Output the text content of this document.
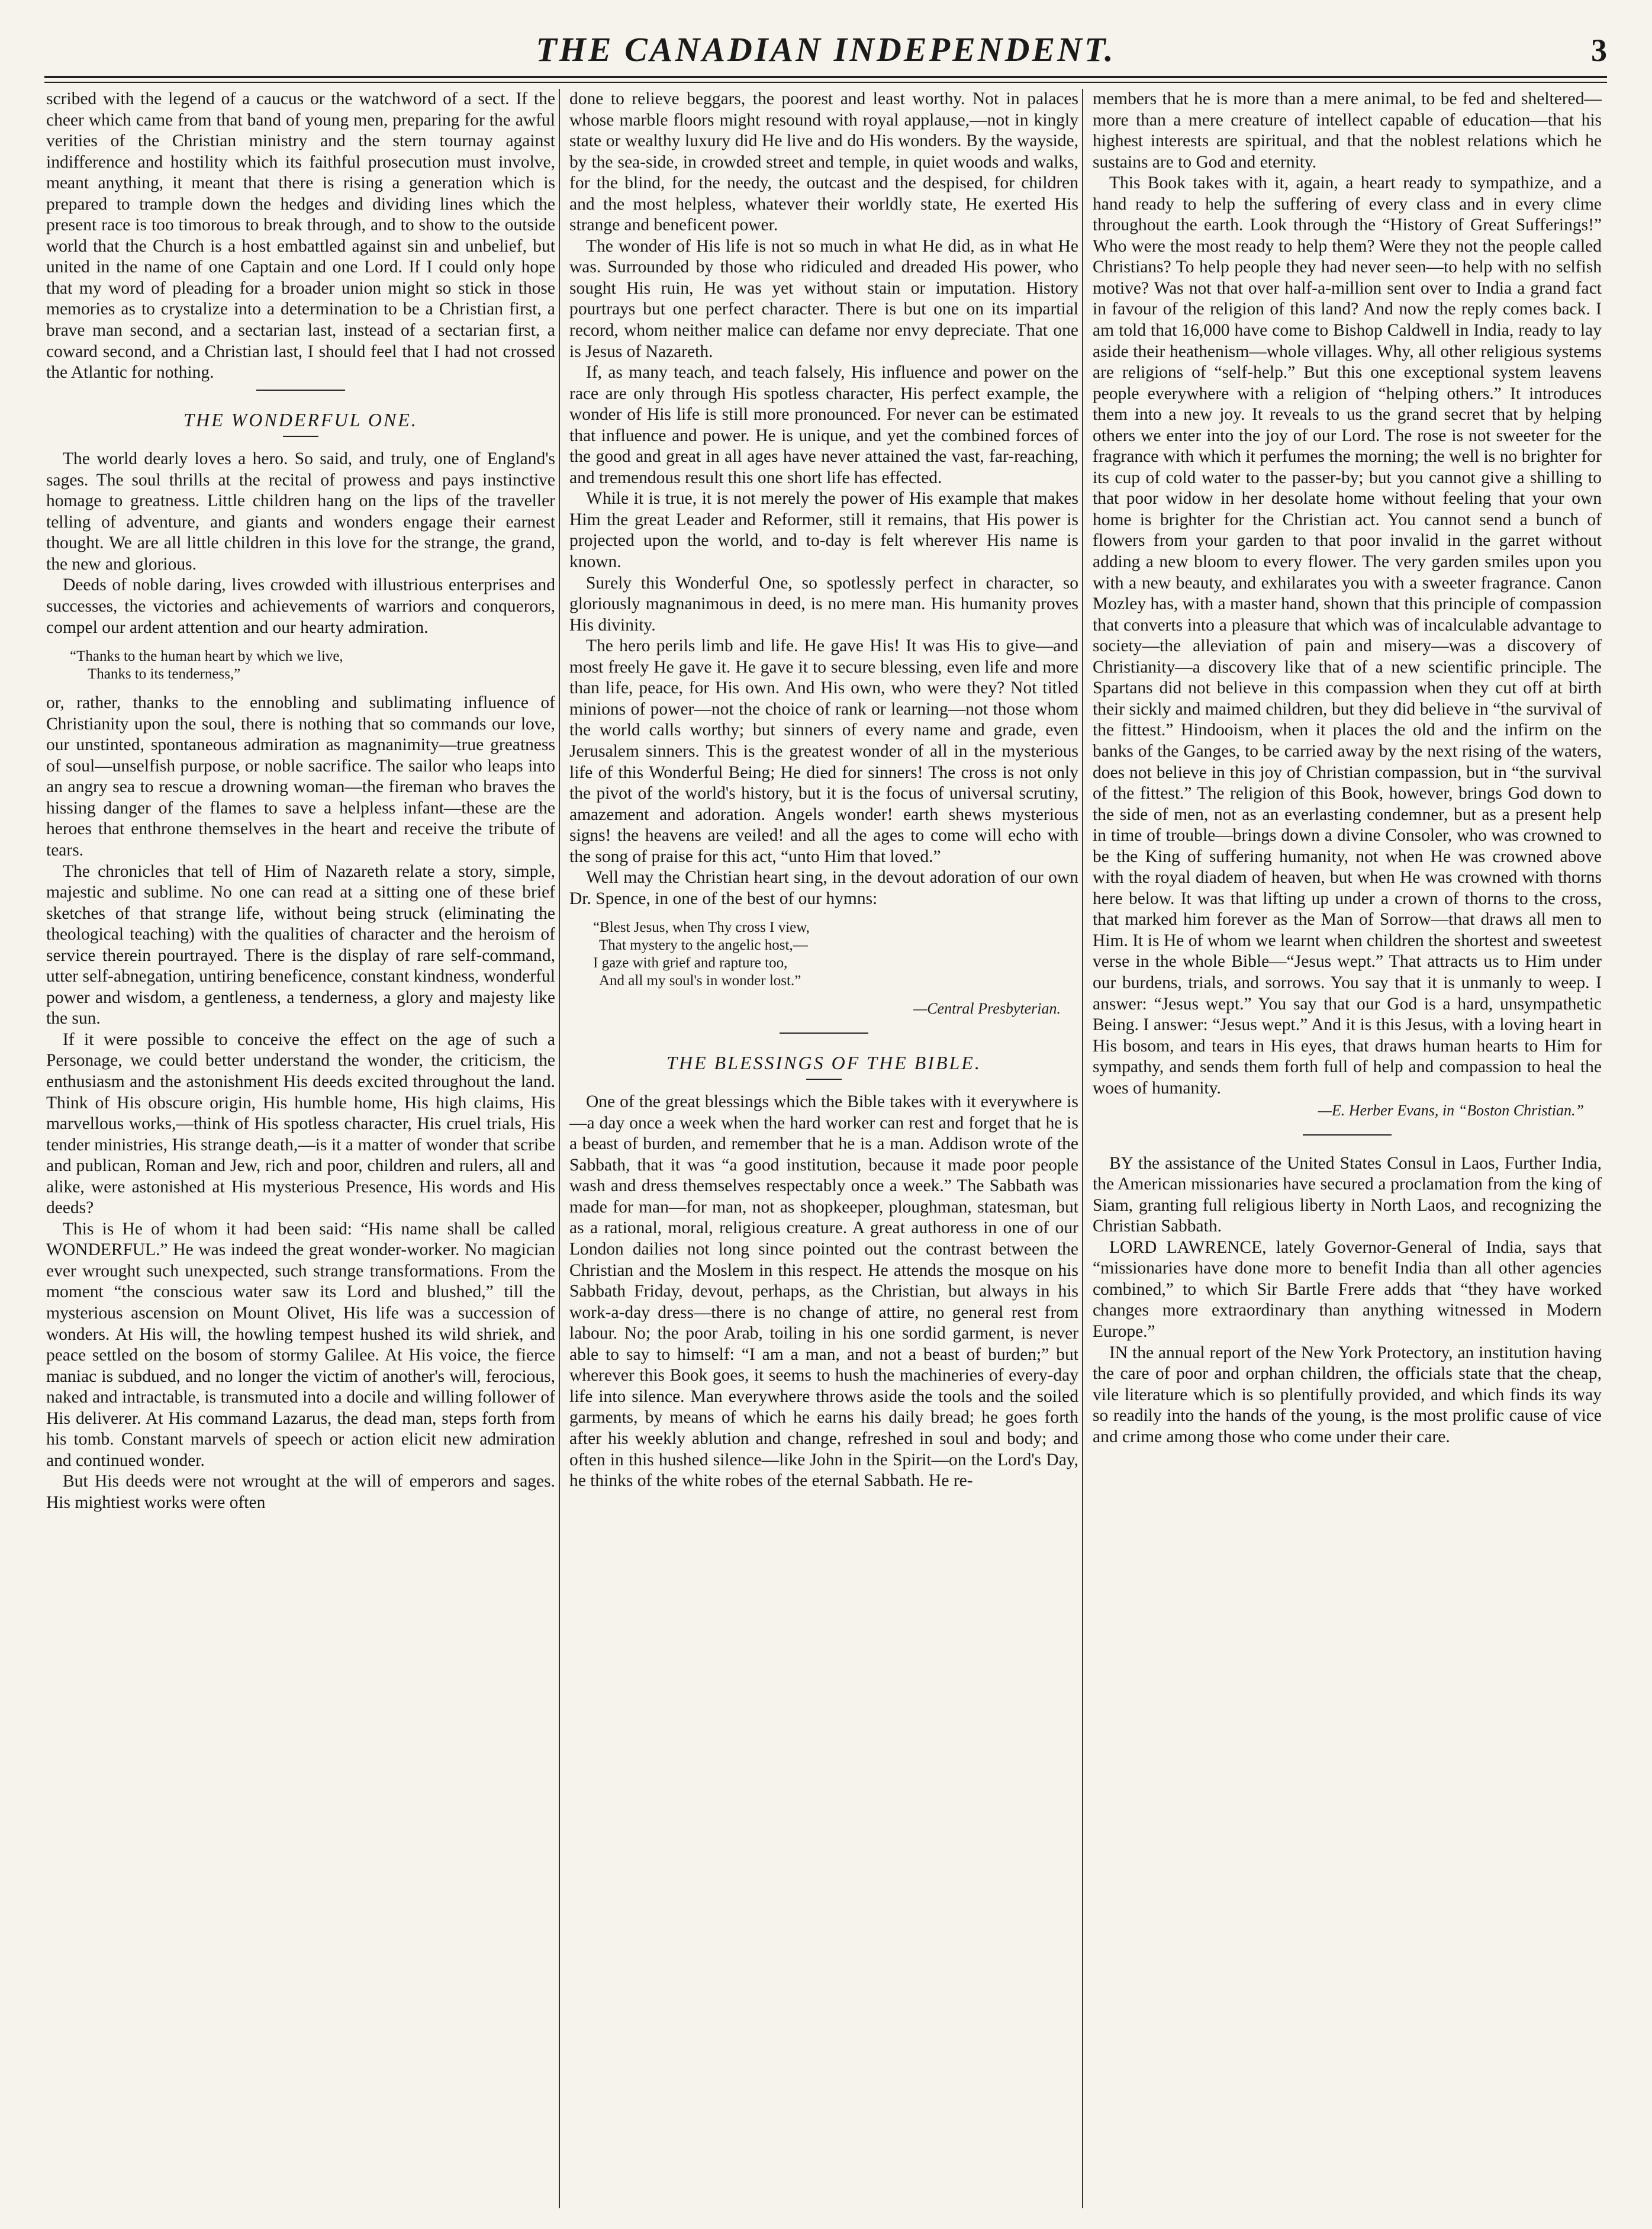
THE CANADIAN INDEPENDENT.	3

scribed with the legend of a caucus or the watchword of a sect. If the cheer which came from that band of young men, preparing for the awful verities of the Christian ministry and the stern tournay against indifference and hostility which its faithful prosecution must involve, meant anything, it meant that there is rising a generation which is prepared to trample down the hedges and dividing lines which the present race is too timorous to break through, and to show to the outside world that the Church is a host embattled against sin and unbelief, but united in the name of one Captain and one Lord. If I could only hope that my word of pleading for a broader union might so stick in those memories as to crystalize into a determination to be a Christian first, a brave man second, and a sectarian last, instead of a sectarian first, a coward second, and a Christian last, I should feel that I had not crossed the Atlantic for nothing.

THE WONDERFUL ONE.

The world dearly loves a hero. So said, and truly, one of England's sages. The soul thrills at the recital of prowess and pays instinctive homage to greatness. Little children hang on the lips of the traveller telling of adventure, and giants and wonders engage their earnest thought. We are all little children in this love for the strange, the grand, the new and glorious.

Deeds of noble daring, lives crowded with illustrious enterprises and successes, the victories and achievements of warriors and conquerors, compel our ardent attention and our hearty admiration.

“Thanks to the human heart by which we live,
Thanks to its tenderness,”

or, rather, thanks to the ennobling and sublimating influence of Christianity upon the soul, there is nothing that so commands our love, our unstinted, spontaneous admiration as magnanimity—true greatness of soul—unselfish purpose, or noble sacrifice. The sailor who leaps into an angry sea to rescue a drowning woman—the fireman who braves the hissing danger of the flames to save a helpless infant—these are the heroes that enthrone themselves in the heart and receive the tribute of tears.

The chronicles that tell of Him of Nazareth relate a story, simple, majestic and sublime. No one can read at a sitting one of these brief sketches of that strange life, without being struck (eliminating the theological teaching) with the qualities of character and the heroism of service therein pourtrayed. There is the display of rare self-command, utter self-abnegation, untiring beneficence, constant kindness, wonderful power and wisdom, a gentleness, a tenderness, a glory and majesty like the sun.

If it were possible to conceive the effect on the age of such a Personage, we could better understand the wonder, the criticism, the enthusiasm and the astonishment His deeds excited throughout the land. Think of His obscure origin, His humble home, His high claims, His marvellous works,—think of His spotless character, His cruel trials, His tender ministries, His strange death,—is it a matter of wonder that scribe and publican, Roman and Jew, rich and poor, children and rulers, all and alike, were astonished at His mysterious Presence, His words and His deeds?

This is He of whom it had been said: “His name shall be called WONDERFUL.” He was indeed the great wonder-worker. No magician ever wrought such unexpected, such strange transformations. From the moment “the conscious water saw its Lord and blushed,” till the mysterious ascension on Mount Olivet, His life was a succession of wonders. At His will, the howling tempest hushed its wild shriek, and peace settled on the bosom of stormy Galilee. At His voice, the fierce maniac is subdued, and no longer the victim of another's will, ferocious, naked and intractable, is transmuted into a docile and willing follower of His deliverer. At His command Lazarus, the dead man, steps forth from his tomb. Constant marvels of speech or action elicit new admiration and continued wonder.

But His deeds were not wrought at the will of emperors and sages. His mightiest works were often

done to relieve beggars, the poorest and least worthy. Not in palaces whose marble floors might resound with royal applause,—not in kingly state or wealthy luxury did He live and do His wonders. By the wayside, by the sea-side, in crowded street and temple, in quiet woods and walks, for the blind, for the needy, the outcast and the despised, for children and the most helpless, whatever their worldly state, He exerted His strange and beneficent power.

The wonder of His life is not so much in what He did, as in what He was. Surrounded by those who ridiculed and dreaded His power, who sought His ruin, He was yet without stain or imputation. History pourtrays but one perfect character. There is but one on its impartial record, whom neither malice can defame nor envy depreciate. That one is Jesus of Nazareth.

If, as many teach, and teach falsely, His influence and power on the race are only through His spotless character, His perfect example, the wonder of His life is still more pronounced. For never can be estimated that influence and power. He is unique, and yet the combined forces of the good and great in all ages have never attained the vast, far-reaching, and tremendous result this one short life has effected.

While it is true, it is not merely the power of His example that makes Him the great Leader and Reformer, still it remains, that His power is projected upon the world, and to-day is felt wherever His name is known.

Surely this Wonderful One, so spotlessly perfect in character, so gloriously magnanimous in deed, is no mere man. His humanity proves His divinity.

The hero perils limb and life. He gave His! It was His to give—and most freely He gave it. He gave it to secure blessing, even life and more than life, peace, for His own. And His own, who were they? Not titled minions of power—not the choice of rank or learning—not those whom the world calls worthy; but sinners of every name and grade, even Jerusalem sinners. This is the greatest wonder of all in the mysterious life of this Wonderful Being; He died for sinners! The cross is not only the pivot of the world's history, but it is the focus of universal scrutiny, amazement and adoration. Angels wonder! earth shews mysterious signs! the heavens are veiled! and all the ages to come will echo with the song of praise for this act, “unto Him that loved.”

Well may the Christian heart sing, in the devout adoration of our own Dr. Spence, in one of the best of our hymns:

“Blest Jesus, when Thy cross I view,
That mystery to the angelic host,—
I gaze with grief and rapture too,
And all my soul's in wonder lost.”
—Central Presbyterian.
THE BLESSINGS OF THE BIBLE.

One of the great blessings which the Bible takes with it everywhere is—a day once a week when the hard worker can rest and forget that he is a beast of burden, and remember that he is a man. Addison wrote of the Sabbath, that it was “a good institution, because it made poor people wash and dress themselves respectably once a week.” The Sabbath was made for man—for man, not as shopkeeper, ploughman, statesman, but as a rational, moral, religious creature. A great authoress in one of our London dailies not long since pointed out the contrast between the Christian and the Moslem in this respect. He attends the mosque on his Sabbath Friday, devout, perhaps, as the Christian, but always in his work-a-day dress—there is no change of attire, no general rest from labour. No; the poor Arab, toiling in his one sordid garment, is never able to say to himself: “I am a man, and not a beast of burden;” but wherever this Book goes, it seems to hush the machineries of every-day life into silence. Man everywhere throws aside the tools and the soiled garments, by means of which he earns his daily bread; he goes forth after his weekly ablution and change, refreshed in soul and body; and often in this hushed silence—like John in the Spirit—on the Lord's Day, he thinks of the white robes of the eternal Sabbath. He re-

members that he is more than a mere animal, to be fed and sheltered—more than a mere creature of intellect capable of education—that his highest interests are spiritual, and that the noblest relations which he sustains are to God and eternity.

This Book takes with it, again, a heart ready to sympathize, and a hand ready to help the suffering of every class and in every clime throughout the earth. Look through the “History of Great Sufferings!” Who were the most ready to help them? Were they not the people called Christians? To help people they had never seen—to help with no selfish motive? Was not that over half-a-million sent over to India a grand fact in favour of the religion of this land? And now the reply comes back. I am told that 16,000 have come to Bishop Caldwell in India, ready to lay aside their heathenism—whole villages. Why, all other religious systems are religions of “self-help.” But this one exceptional system leavens people everywhere with a religion of “helping others.” It introduces them into a new joy. It reveals to us the grand secret that by helping others we enter into the joy of our Lord. The rose is not sweeter for the fragrance with which it perfumes the morning; the well is no brighter for its cup of cold water to the passer-by; but you cannot give a shilling to that poor widow in her desolate home without feeling that your own home is brighter for the Christian act. You cannot send a bunch of flowers from your garden to that poor invalid in the garret without adding a new bloom to every flower. The very garden smiles upon you with a new beauty, and exhilarates you with a sweeter fragrance. Canon Mozley has, with a master hand, shown that this principle of compassion that converts into a pleasure that which was of incalculable advantage to society—the alleviation of pain and misery—was a discovery of Christianity—a discovery like that of a new scientific principle. The Spartans did not believe in this compassion when they cut off at birth their sickly and maimed children, but they did believe in “the survival of the fittest.” Hindooism, when it places the old and the infirm on the banks of the Ganges, to be carried away by the next rising of the waters, does not believe in this joy of Christian compassion, but in “the survival of the fittest.” The religion of this Book, however, brings God down to the side of men, not as an everlasting condemner, but as a present help in time of trouble—brings down a divine Consoler, who was crowned to be the King of suffering humanity, not when He was crowned above with the royal diadem of heaven, but when He was crowned with thorns here below. It was that lifting up under a crown of thorns to the cross, that marked him forever as the Man of Sorrow—that draws all men to Him. It is He of whom we learnt when children the shortest and sweetest verse in the whole Bible—“Jesus wept.” That attracts us to Him under our burdens, trials, and sorrows. You say that it is unmanly to weep. I answer: “Jesus wept.” You say that our God is a hard, unsympathetic Being. I answer: “Jesus wept.” And it is this Jesus, with a loving heart in His bosom, and tears in His eyes, that draws human hearts to Him for sympathy, and sends them forth full of help and compassion to heal the woes of humanity.

—E. Herber Evans, in “Boston Christian.”

BY the assistance of the United States Consul in Laos, Further India, the American missionaries have secured a proclamation from the king of Siam, granting full religious liberty in North Laos, and recognizing the Christian Sabbath.

LORD LAWRENCE, lately Governor-General of India, says that “missionaries have done more to benefit India than all other agencies combined,” to which Sir Bartle Frere adds that “they have worked changes more extraordinary than anything witnessed in Modern Europe.”

IN the annual report of the New York Protectory, an institution having the care of poor and orphan children, the officials state that the cheap, vile literature which is so plentifully provided, and which finds its way so readily into the hands of the young, is the most prolific cause of vice and crime among those who come under their care.
